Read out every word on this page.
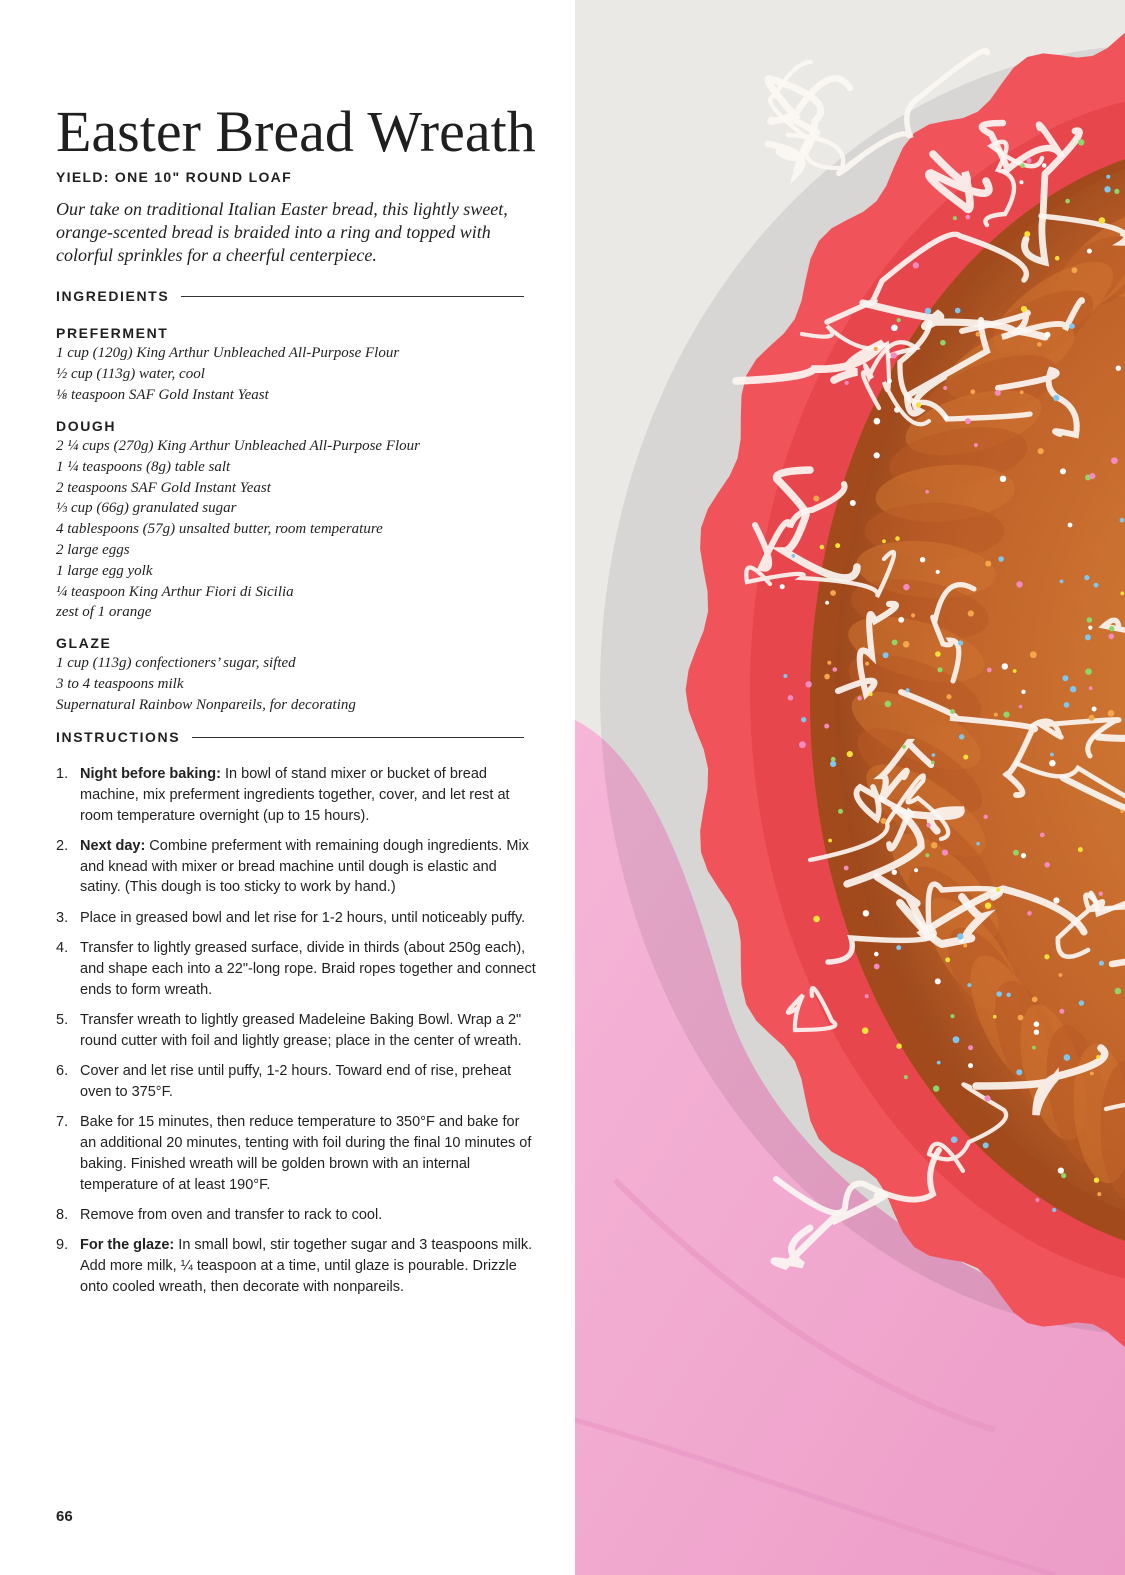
Easter Bread Wreath
YIELD: ONE 10" ROUND LOAF

Our take on traditional Italian Easter bread, this lightly sweet, orange-scented bread is braided into a ring and topped with colorful sprinkles for a cheerful centerpiece.

INGREDIENTS
PREFERMENT
1 cup (120g) King Arthur Unbleached All-Purpose Flour
½ cup (113g) water, cool
⅛ teaspoon SAF Gold Instant Yeast
DOUGH
2 ¼ cups (270g) King Arthur Unbleached All-Purpose Flour
1 ¼ teaspoons (8g) table salt
2 teaspoons SAF Gold Instant Yeast
⅓ cup (66g) granulated sugar
4 tablespoons (57g) unsalted butter, room temperature
2 large eggs
1 large egg yolk
¼ teaspoon King Arthur Fiori di Sicilia
zest of 1 orange
GLAZE
1 cup (113g) confectioners’ sugar, sifted
3 to 4 teaspoons milk
Supernatural Rainbow Nonpareils, for decorating
INSTRUCTIONS
1. Night before baking: In bowl of stand mixer or bucket of bread machine, mix preferment ingredients together, cover, and let rest at room temperature overnight (up to 15 hours).
2. Next day: Combine preferment with remaining dough ingredients. Mix and knead with mixer or bread machine until dough is elastic and satiny. (This dough is too sticky to work by hand.)
3. Place in greased bowl and let rise for 1-2 hours, until noticeably puffy.
4. Transfer to lightly greased surface, divide in thirds (about 250g each), and shape each into a 22"-long rope. Braid ropes together and connect ends to form wreath.
5. Transfer wreath to lightly greased Madeleine Baking Bowl. Wrap a 2" round cutter with foil and lightly grease; place in the center of wreath.
6. Cover and let rise until puffy, 1-2 hours. Toward end of rise, preheat oven to 375°F.
7. Bake for 15 minutes, then reduce temperature to 350°F and bake for an additional 20 minutes, tenting with foil during the final 10 minutes of baking. Finished wreath will be golden brown with an internal temperature of at least 190°F.
8. Remove from oven and transfer to rack to cool.
9. For the glaze: In small bowl, stir together sugar and 3 teaspoons milk. Add more milk, ¼ teaspoon at a time, until glaze is pourable. Drizzle onto cooled wreath, then decorate with nonpareils.
66
